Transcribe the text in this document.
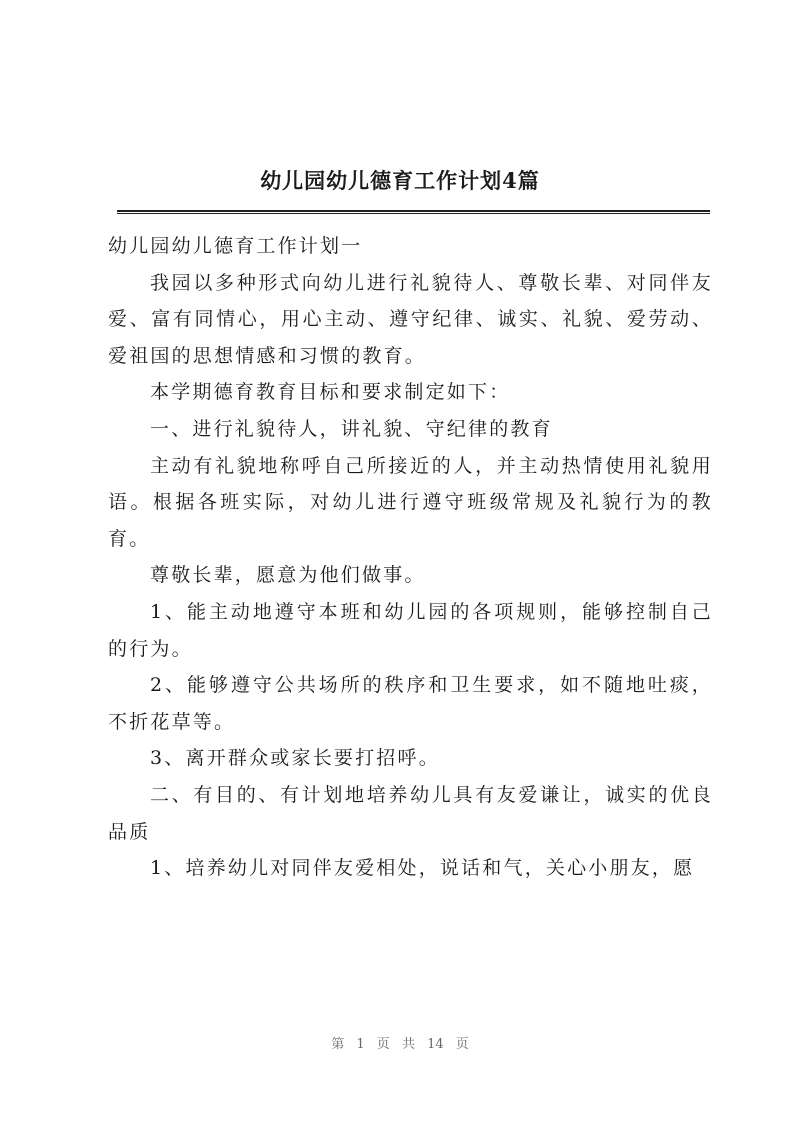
幼儿园幼儿德育工作计划4篇

幼儿园幼儿德育工作计划一

我园以多种形式向幼儿进行礼貌待人、尊敬长辈、对同伴友爱、富有同情心，用心主动、遵守纪律、诚实、礼貌、爱劳动、爱祖国的思想情感和习惯的教育。

本学期德育教育目标和要求制定如下：

一、进行礼貌待人，讲礼貌、守纪律的教育

主动有礼貌地称呼自己所接近的人，并主动热情使用礼貌用语。根据各班实际，对幼儿进行遵守班级常规及礼貌行为的教育。

尊敬长辈，愿意为他们做事。

1、能主动地遵守本班和幼儿园的各项规则，能够控制自己的行为。

2、能够遵守公共场所的秩序和卫生要求，如不随地吐痰，不折花草等。

3、离开群众或家长要打招呼。

二、有目的、有计划地培养幼儿具有友爱谦让，诚实的优良品质

1、培养幼儿对同伴友爱相处，说话和气，关心小朋友，愿

第 1 页 共 14 页
